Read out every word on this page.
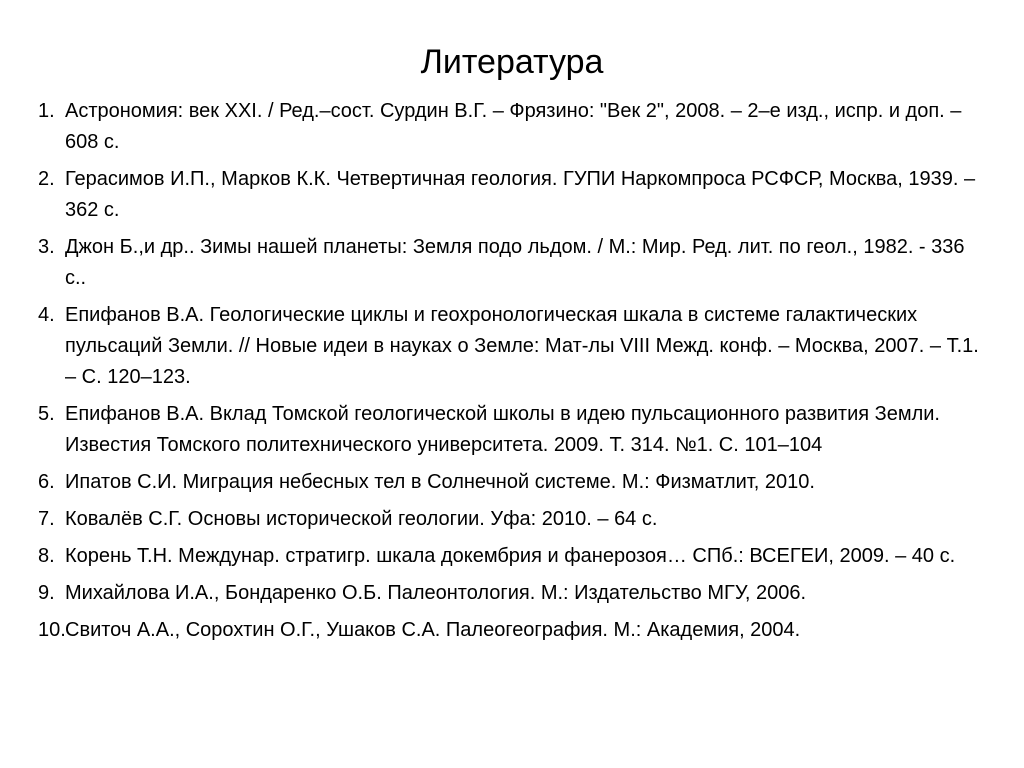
Литература
1. Астрономия: век XXI. / Ред.–сост. Сурдин В.Г. – Фрязино: "Век 2", 2008. – 2–е изд., испр. и доп. – 608 с.
2. Герасимов И.П., Марков К.К. Четвертичная геология. ГУПИ Наркомпроса РСФСР, Москва, 1939. – 362 с.
3. Джон Б.,и др.. Зимы нашей планеты: Земля подо льдом. / М.: Мир. Ред. лит. по геол., 1982. - 336 с..
4. Епифанов В.А. Геологические циклы и геохронологическая шкала в системе галактических пульсаций Земли. // Новые идеи в науках о Земле: Мат-лы VIII Межд. конф. – Москва, 2007. – Т.1. – С. 120–123.
5. Епифанов В.А. Вклад Томской геологической школы в идею пульсационного развития Земли. Известия Томского политехнического университета. 2009. Т. 314. №1. С. 101–104
6. Ипатов С.И. Миграция небесных тел в Солнечной системе. М.: Физматлит, 2010.
7. Ковалёв С.Г. Основы исторической геологии. Уфа: 2010. – 64 с.
8. Корень Т.Н. Междунар. стратигр. шкала докембрия и фанерозоя… СПб.: ВСЕГЕИ, 2009. – 40 с.
9. Михайлова И.А., Бондаренко О.Б. Палеонтология. М.: Издательство МГУ, 2006.
10. Свиточ А.А., Сорохтин О.Г., Ушаков С.А. Палеогеография. М.: Академия, 2004.
